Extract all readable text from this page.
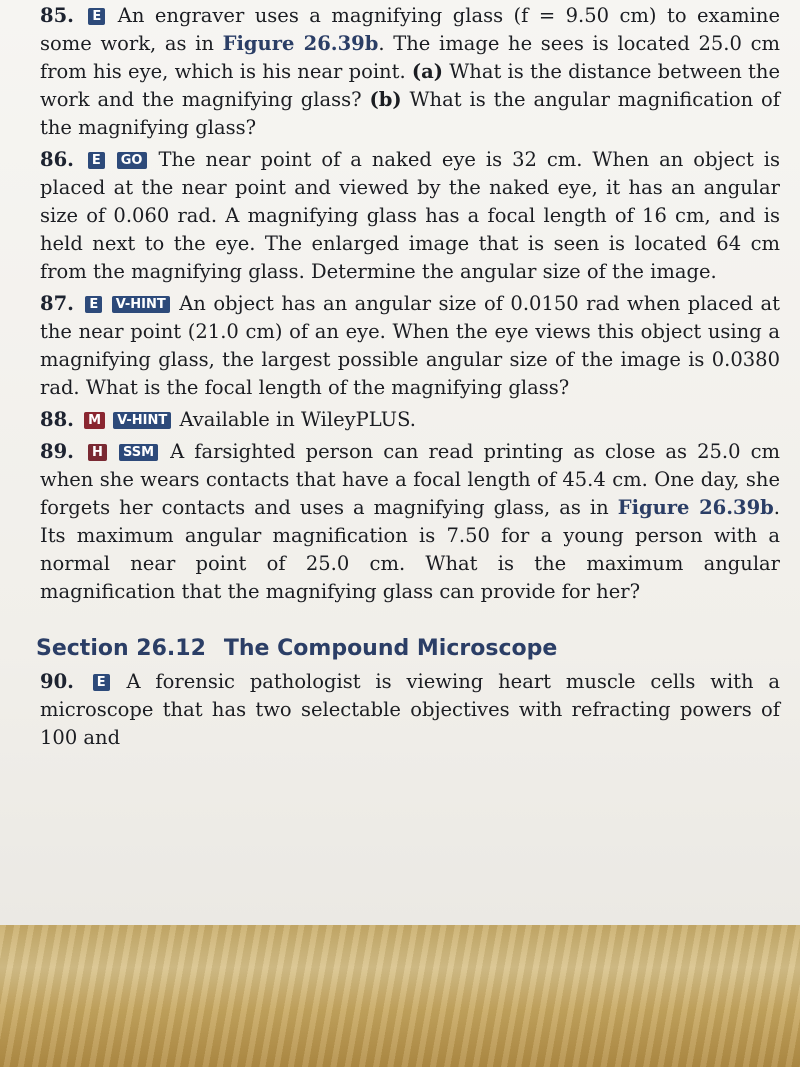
85. E An engraver uses a magnifying glass (f = 9.50 cm) to examine some work, as in Figure 26.39b. The image he sees is located 25.0 cm from his eye, which is his near point. (a) What is the distance between the work and the magnifying glass? (b) What is the angular magnification of the magnifying glass?

86. E GO The near point of a naked eye is 32 cm. When an object is placed at the near point and viewed by the naked eye, it has an angular size of 0.060 rad. A magnifying glass has a focal length of 16 cm, and is held next to the eye. The enlarged image that is seen is located 64 cm from the magnifying glass. Determine the angular size of the image.

87. E V-HINT An object has an angular size of 0.0150 rad when placed at the near point (21.0 cm) of an eye. When the eye views this object using a magnifying glass, the largest possible angular size of the image is 0.0380 rad. What is the focal length of the magnifying glass?

88. M V-HINT Available in WileyPLUS.

89. H SSM A farsighted person can read printing as close as 25.0 cm when she wears contacts that have a focal length of 45.4 cm. One day, she forgets her contacts and uses a magnifying glass, as in Figure 26.39b. Its maximum angular magnification is 7.50 for a young person with a normal near point of 25.0 cm. What is the maximum angular magnification that the magnifying glass can provide for her?

Section 26.12 The Compound Microscope

90. E A forensic pathologist is viewing heart muscle cells with a microscope that has two selectable objectives with refracting powers of 100 and
